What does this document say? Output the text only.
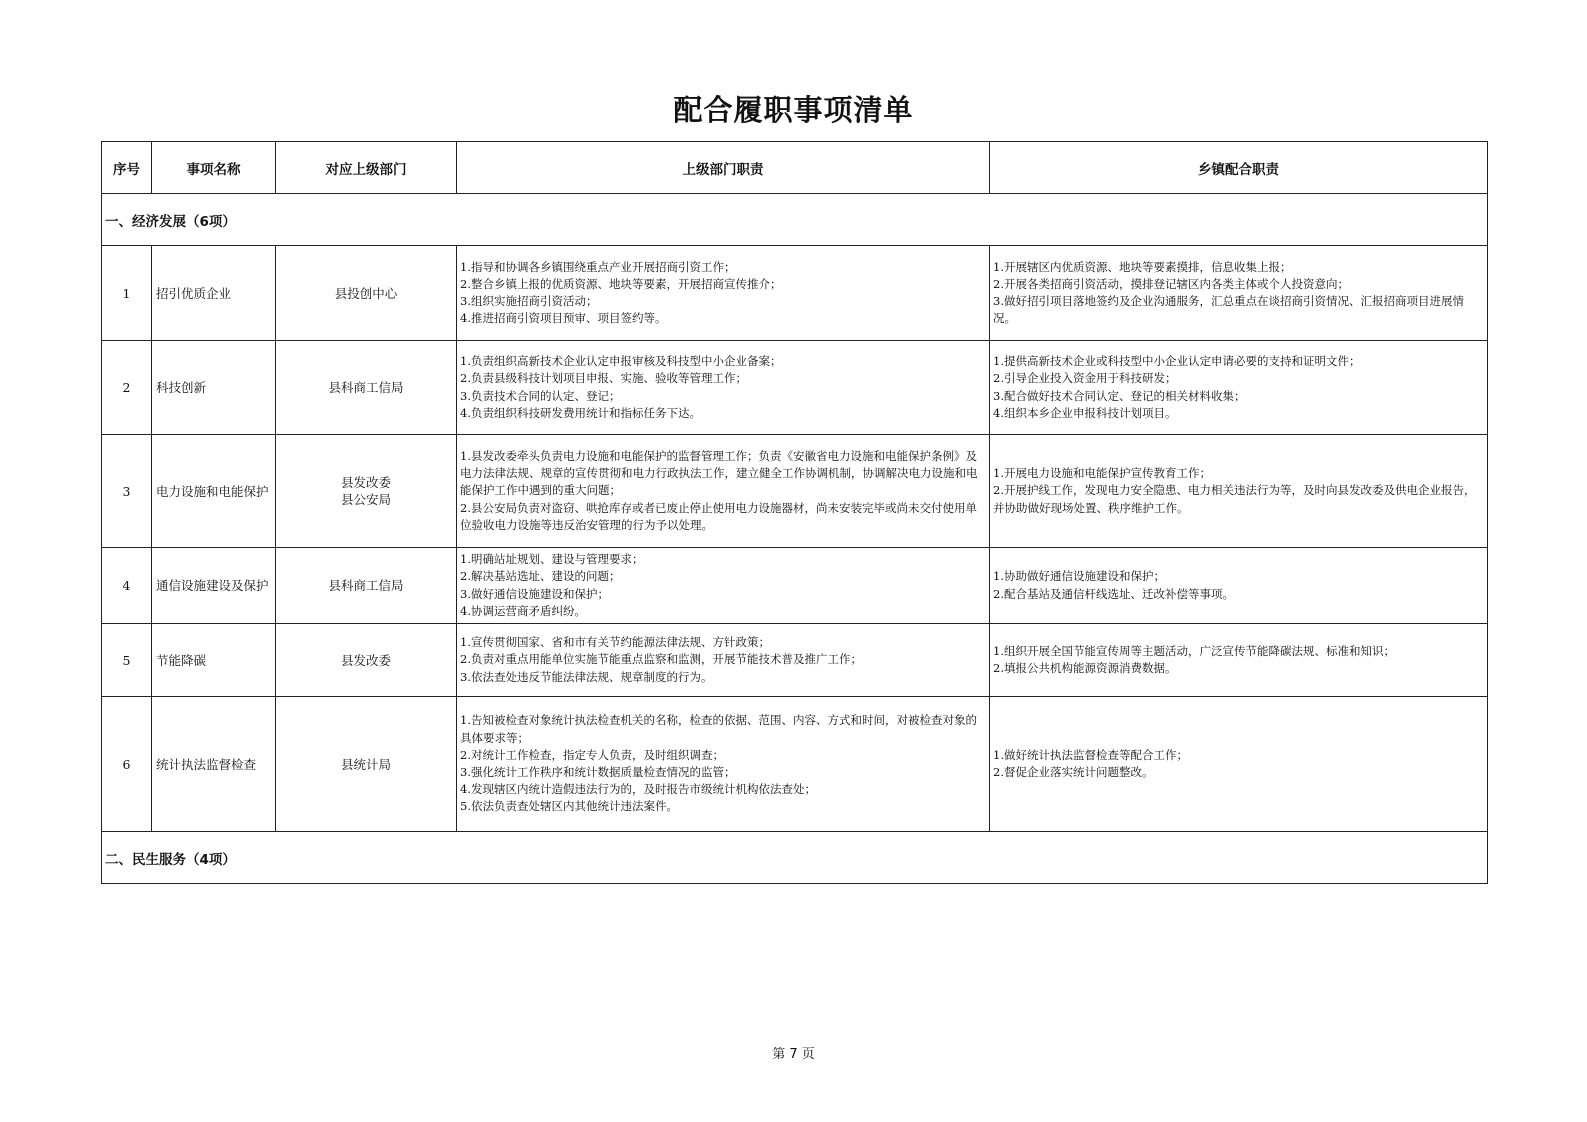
配合履职事项清单
序号	事项名称	对应上级部门	上级部门职责	乡镇配合职责
一、经济发展（6项）				
1	招引优质企业	县投创中心	1.指导和协调各乡镇围绕重点产业开展招商引资工作；
2.整合乡镇上报的优质资源、地块等要素，开展招商宣传推介；
3.组织实施招商引资活动；
4.推进招商引资项目预审、项目签约等。	1.开展辖区内优质资源、地块等要素摸排，信息收集上报；
2.开展各类招商引资活动，摸排登记辖区内各类主体或个人投资意向；
3.做好招引项目落地签约及企业沟通服务，汇总重点在谈招商引资情况、汇报招商项目进展情况。

2	科技创新	县科商工信局	1.负责组织高新技术企业认定申报审核及科技型中小企业备案；
2.负责县级科技计划项目申报、实施、验收等管理工作；
3.负责技术合同的认定、登记；
4.负责组织科技研发费用统计和指标任务下达。	1.提供高新技术企业或科技型中小企业认定申请必要的支持和证明文件；
2.引导企业投入资金用于科技研发；
3.配合做好技术合同认定、登记的相关材料收集；
4.组织本乡企业申报科技计划项目。

3	电力设施和电能保护	县发改委
县公安局	1.县发改委牵头负责电力设施和电能保护的监督管理工作；负责《安徽省电力设施和电能保护条例》及电力法律法规、规章的宣传贯彻和电力行政执法工作，建立健全工作协调机制，协调解决电力设施和电能保护工作中遇到的重大问题；
2.县公安局负责对盗窃、哄抢库存或者已废止停止使用电力设施器材，尚未安装完毕或尚未交付使用单位验收电力设施等违反治安管理的行为予以处理。	1.开展电力设施和电能保护宣传教育工作；
2.开展护线工作，发现电力安全隐患、电力相关违法行为等，及时向县发改委及供电企业报告，并协助做好现场处置、秩序维护工作。

4	通信设施建设及保护	县科商工信局	1.明确站址规划、建设与管理要求；
2.解决基站选址、建设的问题；
3.做好通信设施建设和保护；
4.协调运营商矛盾纠纷。	1.协助做好通信设施建设和保护；
2.配合基站及通信杆线选址、迁改补偿等事项。

5	节能降碳	县发改委	1.宣传贯彻国家、省和市有关节约能源法律法规、方针政策；
2.负责对重点用能单位实施节能重点监察和监测，开展节能技术普及推广工作；
3.依法查处违反节能法律法规、规章制度的行为。	1.组织开展全国节能宣传周等主题活动，广泛宣传节能降碳法规、标准和知识；
2.填报公共机构能源资源消费数据。

6	统计执法监督检查	县统计局	1.告知被检查对象统计执法检查机关的名称，检查的依据、范围、内容、方式和时间，对被检查对象的具体要求等；
2.对统计工作检查，指定专人负责，及时组织调查；
3.强化统计工作秩序和统计数据质量检查情况的监管；
4.发现辖区内统计造假违法行为的，及时报告市级统计机构依法查处；
5.依法负责查处辖区内其他统计违法案件。	1.做好统计执法监督检查等配合工作；
2.督促企业落实统计问题整改。

二、民生服务（4项）				
第 7 页
